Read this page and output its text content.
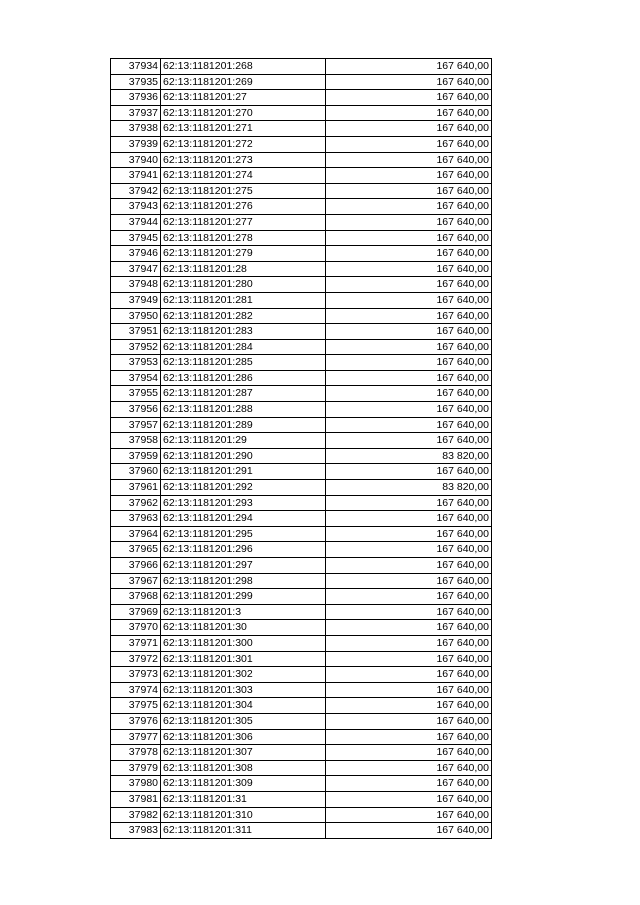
37934	62:13:1181201:268	167 640,00
37935	62:13:1181201:269	167 640,00
37936	62:13:1181201:27	167 640,00
37937	62:13:1181201:270	167 640,00
37938	62:13:1181201:271	167 640,00
37939	62:13:1181201:272	167 640,00
37940	62:13:1181201:273	167 640,00
37941	62:13:1181201:274	167 640,00
37942	62:13:1181201:275	167 640,00
37943	62:13:1181201:276	167 640,00
37944	62:13:1181201:277	167 640,00
37945	62:13:1181201:278	167 640,00
37946	62:13:1181201:279	167 640,00
37947	62:13:1181201:28	167 640,00
37948	62:13:1181201:280	167 640,00
37949	62:13:1181201:281	167 640,00
37950	62:13:1181201:282	167 640,00
37951	62:13:1181201:283	167 640,00
37952	62:13:1181201:284	167 640,00
37953	62:13:1181201:285	167 640,00
37954	62:13:1181201:286	167 640,00
37955	62:13:1181201:287	167 640,00
37956	62:13:1181201:288	167 640,00
37957	62:13:1181201:289	167 640,00
37958	62:13:1181201:29	167 640,00
37959	62:13:1181201:290	83 820,00
37960	62:13:1181201:291	167 640,00
37961	62:13:1181201:292	83 820,00
37962	62:13:1181201:293	167 640,00
37963	62:13:1181201:294	167 640,00
37964	62:13:1181201:295	167 640,00
37965	62:13:1181201:296	167 640,00
37966	62:13:1181201:297	167 640,00
37967	62:13:1181201:298	167 640,00
37968	62:13:1181201:299	167 640,00
37969	62:13:1181201:3	167 640,00
37970	62:13:1181201:30	167 640,00
37971	62:13:1181201:300	167 640,00
37972	62:13:1181201:301	167 640,00
37973	62:13:1181201:302	167 640,00
37974	62:13:1181201:303	167 640,00
37975	62:13:1181201:304	167 640,00
37976	62:13:1181201:305	167 640,00
37977	62:13:1181201:306	167 640,00
37978	62:13:1181201:307	167 640,00
37979	62:13:1181201:308	167 640,00
37980	62:13:1181201:309	167 640,00
37981	62:13:1181201:31	167 640,00
37982	62:13:1181201:310	167 640,00
37983	62:13:1181201:311	167 640,00
